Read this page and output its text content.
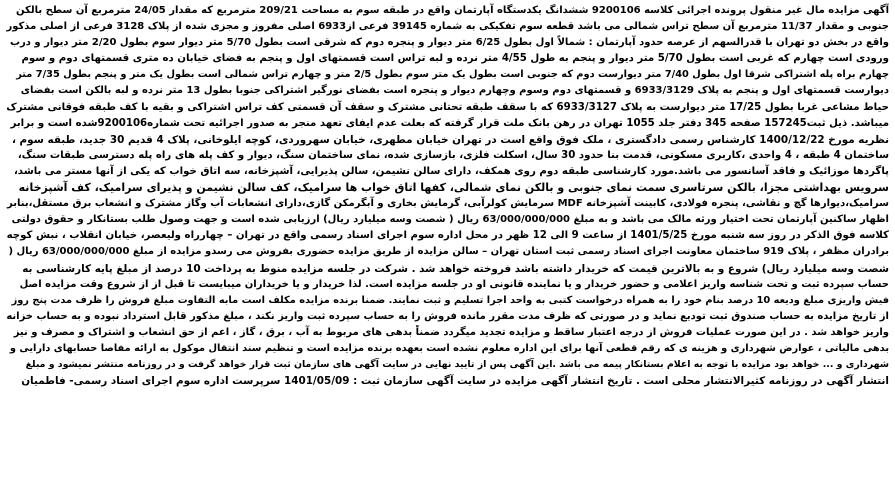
آگهی مزایده مال غیر منقول پرونده اجرائی کلاسه 9200106 ششدانگ یکدستگاه آپارتمان واقع در طبقه سوم به مساحت 209/21 مترمربع که مقدار 24/05 مترمربع آن سطح بالکن
جنوبی و مقدار 11/37 مترمربع آن سطح تراس شمالی می باشد قطعه سوم تفکیکی به شماره 39145 فرعی از6933 اصلی مفروز و مجزی شده از پلاک 3128 فرعی از اصلی مذکور
واقع در بخش دو تهران با قدرالسهم از عرصه حدود آپارتمان : شمالاً اول بطول 6/25 متر دیوار و پنجره دوم که شرقی است بطول 5/70 متر دیوار سوم بطول 2/20 متر دیوار و درب
ورودی است چهارم که غربی است بطول 5/70 متر دیوار و پنجم به طول 4/55 متر نرده و لبه تراس است قسمتهای اول و پنجم به فضای خیابان ده متری قسمتهای دوم و سوم
چهارم براه پله اشتراکی شرقا اول بطول 7/40 متر دیوارست دوم که جنوبی است بطول یک متر سوم بطول 2/5 متر و چهارم تراس شمالی است بطول یک متر و پنجم بطول 7/35 متر
دیوارست قسمتهای اول و پنجم به پلاک 6933/3129 و قسمتهای دوم وسوم وچهارم دیوار و پنجره است بفضای نورگیر اشتراکی جنوبا بطول 13 متر نرده و لبه بالکن است بفضای
حیاط مشاعی غربا بطول 17/25 متر دیوارست به پلاک 6933/3127 که با سقف طبقه تحتانی مشترک و سقف آن قسمتی کف تراس اشتراکی و بقیه با کف طبقه فوقانی مشترک
میباشد. ذیل ثبت157245 صفحه 345 دفتر جلد 1055 تهران در رهن بانک ملت قرار گرفته که بعلت عدم ایفای تعهد منجر به صدور اجرائیه تحت شماره9200106شده است و برابر
نظریه مورخ 1400/12/22 کارشناس رسمی دادگستری ، ملک فوق واقع است در تهران خیابان مطهری، خیابان سهروردی، کوچه ایلوخانی، پلاک 4 قدیم 30 جدید، طبقه سوم ،
ساختمان 4 طبقه ، 4 واحدی ،کاربری مسکونی، قدمت بنا حدود 30 سال، اسکلت فلزی، بازسازی شده، نمای ساختمان سنگ، دیوار و کف پله های راه پله دسترسی طبقات سنگ،
پاگردها موزائیک و فاقد آسانسور می باشد.مورد کارشناسی طبقه دوم روی همکف، دارای سالن نشیمن، سالن پذیرایی، آشپزخانه، سه اتاق خواب که یکی از آنها مستر می باشد،
سرویس بهداشتی مجزا، بالکن سرتاسری سمت نمای جنوبی و بالکن نمای شمالی، کفها اتاق خواب ها سرامیک، کف سالن نشیمن و پذیرای سرامیک، کف آشپزخانه
سرامیک،دیوارها گچ و نقاشی، پنجره فولادی، کابینت آشپزخانه MDF سرمایش کولرآبی، گرمایش بخاری و آبگرمکن گازی،دارای انشعابات آب وگاز مشترک و انشعاب برق مستقل،بنابر
اظهار ساکنین آپارتمان تحت اختیار ورثه مالک می باشد و به مبلغ 63/000/000/000 ریال ( شصت وسه میلیارد ریال) ارزیابی شده است و جهت وصول طلب بستانکار و حقوق دولتی
کلاسه فوق الذکر در روز سه شنبه مورخ 1401/5/25 از ساعت 9 الی 12 ظهر در محل اداره سوم اجرای اسناد رسمی واقع در تهران – چهارراه ولیعصر، خیابان انقلاب ، نبش کوچه
برادران مظفر ، پلاک 919 ساختمان معاونت اجرای اسناد رسمی ثبت استان تهران – سالن مزایده از طریق مزایده حضوری بفروش می رسدو مزایده از مبلغ 63/000/000/000 ریال (
شصت وسه میلیارد ریال) شروع و به بالاترین قیمت که خریدار داشته باشد فروخته خواهد شد . شرکت در جلسه مزایده منوط به پرداخت 10 درصد از مبلغ پایه کارشناسی به
حساب سپرده ثبت و تحت شناسه واریز اعلامی و حضور خریدار و یا نماینده قانونی او در جلسه مزایده است. لذا خریدار و یا خریداران میبایست تا قبل از از شروع وقت مزایده اصل
فیش واریزی مبلغ ودیعه 10 درصد بنام خود را به همراه درخواست کتبی به واحد اجرا تسلیم و ثبت نمایند. ضمنا برنده مزایده مکلف است مابه التفاوت مبلغ فروش را ظرف مدت پنج روز
از تاریخ مزایده به حساب صندوق ثبت تودیع نماید و در صورتی که ظرف مدت مقرر مانده فروش را به حساب سپرده ثبت واریز نکند ، مبلغ مذکور قابل استرداد نبوده و به حساب خزانه
واریز خواهد شد . در این صورت عملیات فروش از درجه اعتبار ساقط و مزایده تجدید میگردد ضمناً بدهی های مربوط به آب ، برق ، گاز ، اعم از حق انشعاب و اشتراک و مصرف و نیز
بدهی مالیاتی ، عوارض شهرداری و هزینه ی که رقم قطعی آنها برای این اداره معلوم نشده است بعهده برنده مزایده است و تنظیم سند انتقال موکول به ارائه مفاصا حسابهای دارایی و
شهرداری و ... خواهد بود مزایده با توجه به اعلام بستانکار پیمه می باشد .این آگهی پس از تایید نهایی در سایت آگهی های سازمان ثبت قرار خواهد گرفت و در روزنامه منتشر نمیشود و مبلغ
انتشار آگهی در روزنامه کثیرالانتشار محلی است . تاریخ انتشار آگهی مزایده در سایت آگهی سازمان ثبت : 1401/05/09 سرپرست اداره سوم اجرای اسناد رسمی- فاطمیان
